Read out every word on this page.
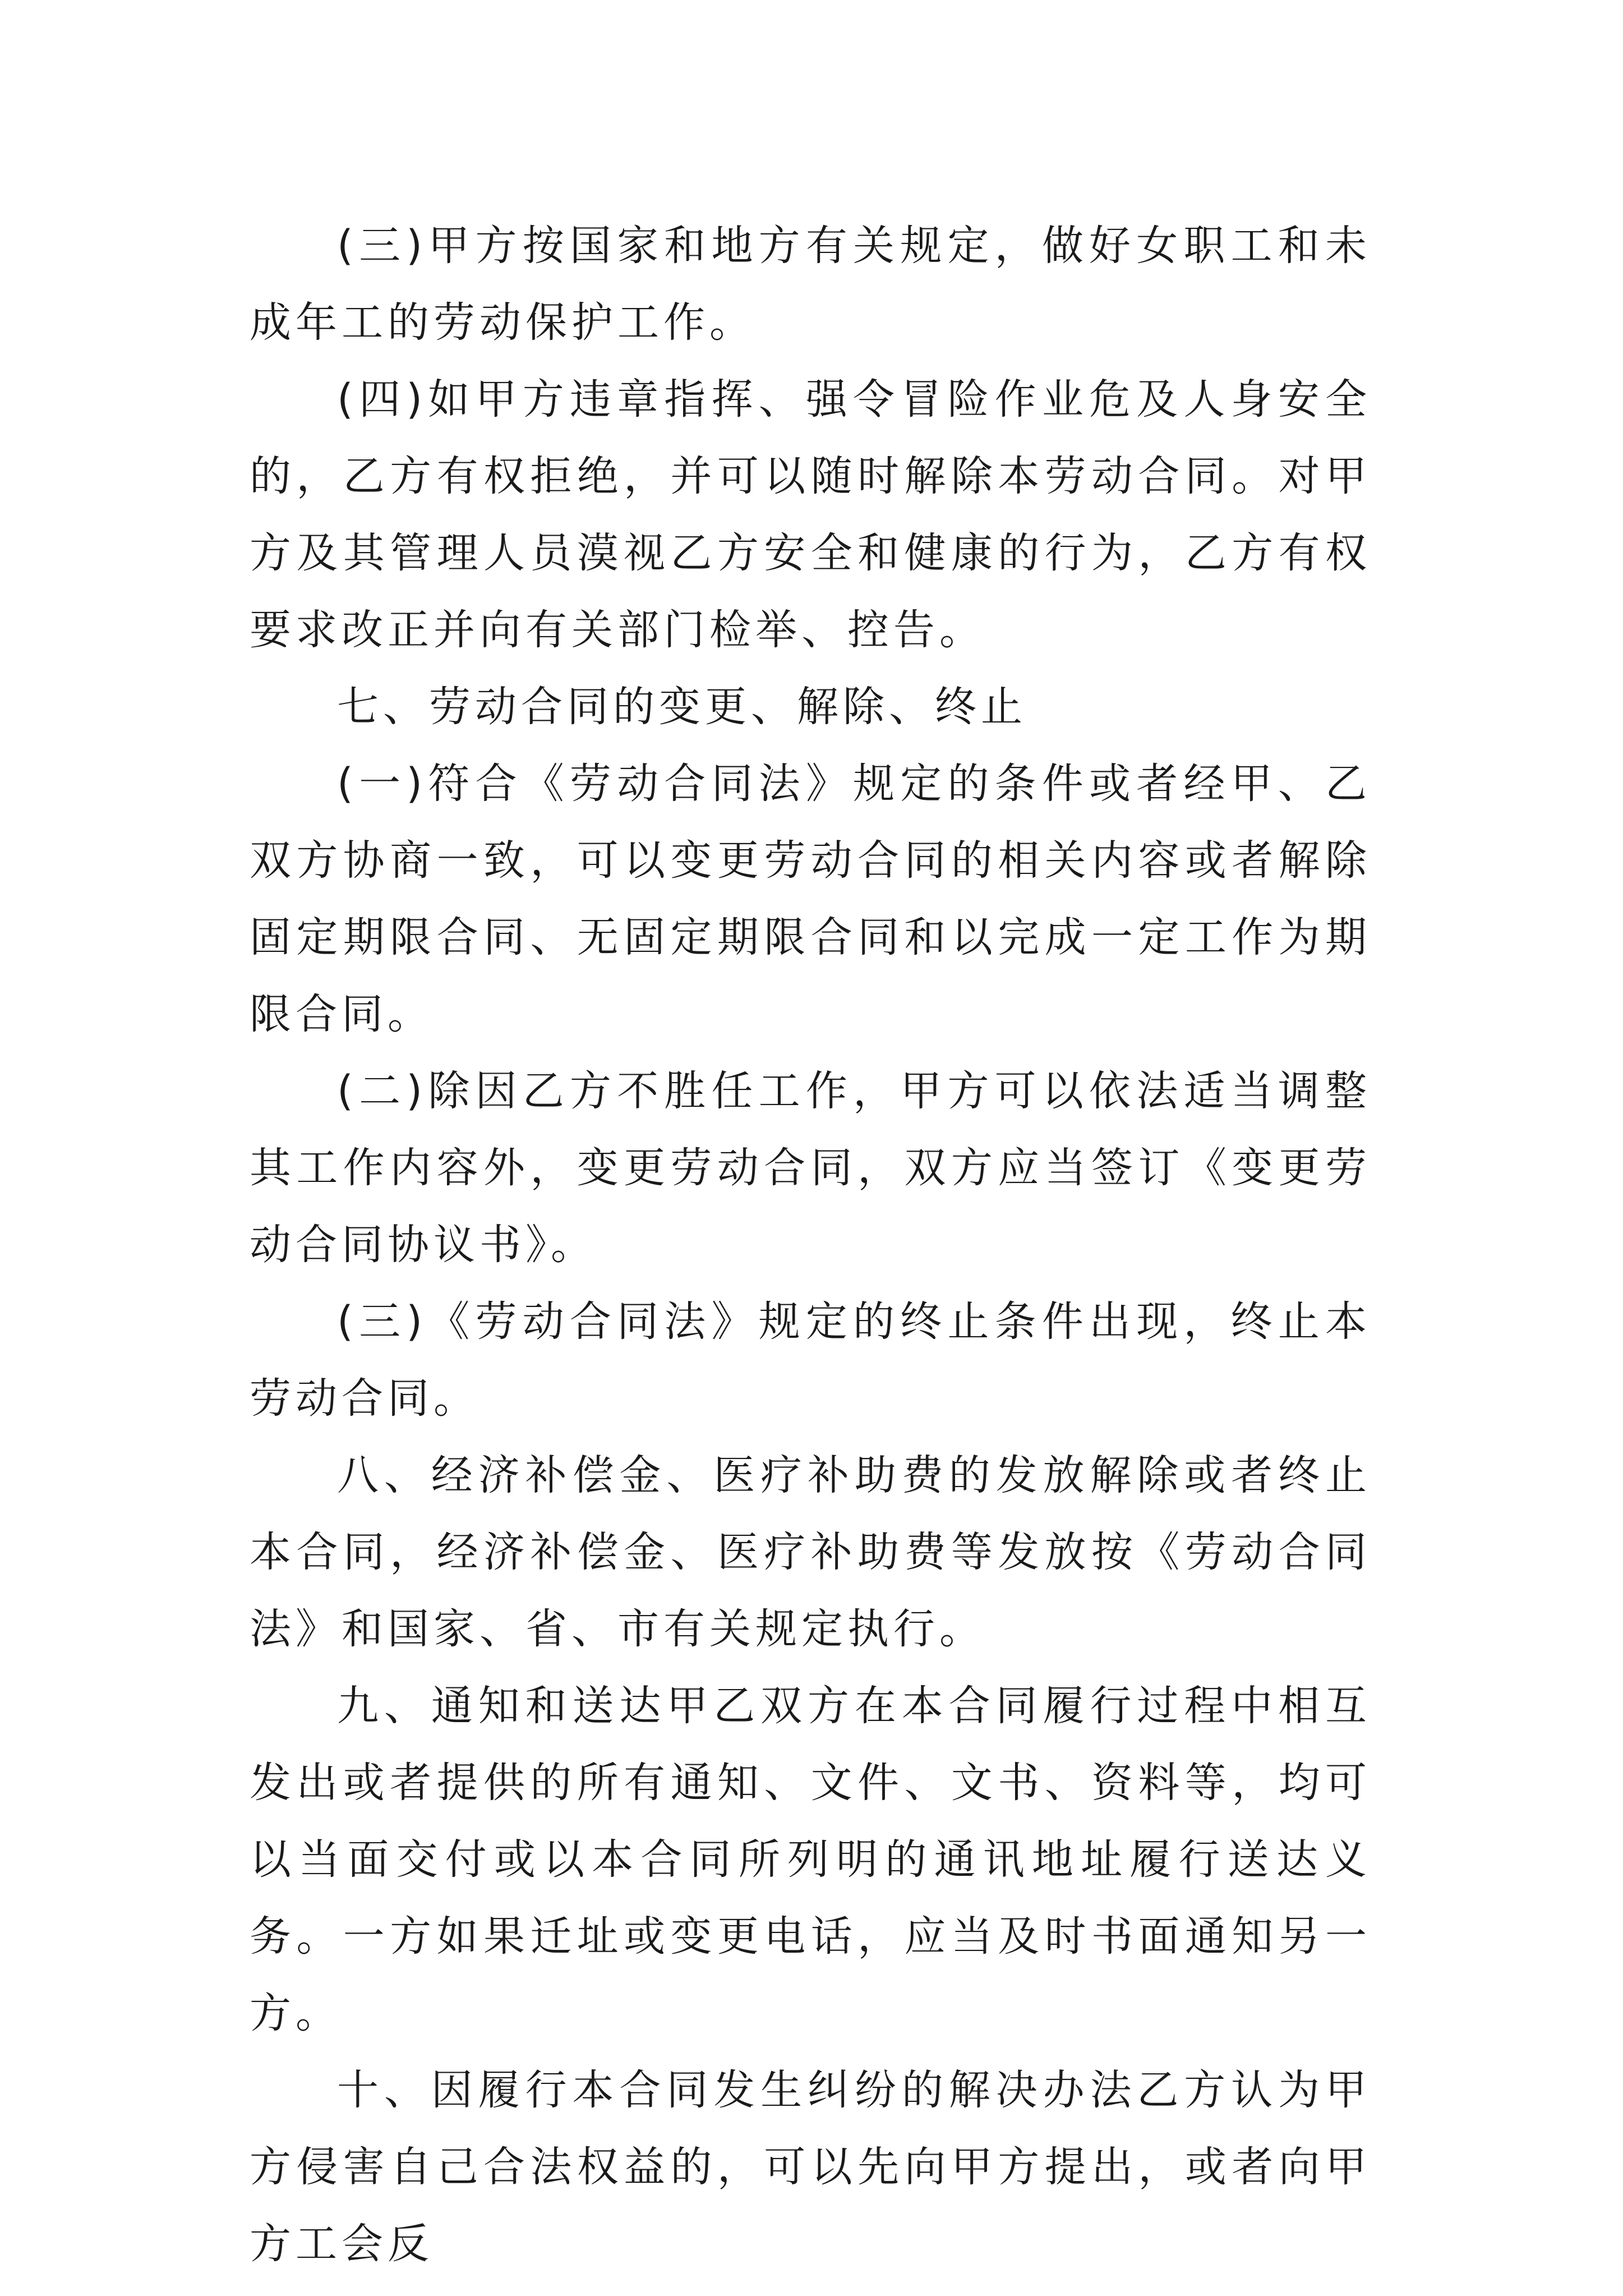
(三)甲方按国家和地方有关规定，做好女职工和未成年工的劳动保护工作。

(四)如甲方违章指挥、强令冒险作业危及人身安全的，乙方有权拒绝，并可以随时解除本劳动合同。对甲方及其管理人员漠视乙方安全和健康的行为，乙方有权要求改正并向有关部门检举、控告。

七、劳动合同的变更、解除、终止

(一)符合《劳动合同法》规定的条件或者经甲、乙双方协商一致，可以变更劳动合同的相关内容或者解除固定期限合同、无固定期限合同和以完成一定工作为期限合同。

(二)除因乙方不胜任工作，甲方可以依法适当调整其工作内容外，变更劳动合同，双方应当签订《变更劳动合同协议书》。

(三)《劳动合同法》规定的终止条件出现，终止本劳动合同。

八、经济补偿金、医疗补助费的发放解除或者终止本合同，经济补偿金、医疗补助费等发放按《劳动合同法》和国家、省、市有关规定执行。

九、通知和送达甲乙双方在本合同履行过程中相互发出或者提供的所有通知、文件、文书、资料等，均可以当面交付或以本合同所列明的通讯地址履行送达义务。一方如果迁址或变更电话，应当及时书面通知另一方。

十、因履行本合同发生纠纷的解决办法乙方认为甲方侵害自己合法权益的，可以先向甲方提出，或者向甲方工会反
